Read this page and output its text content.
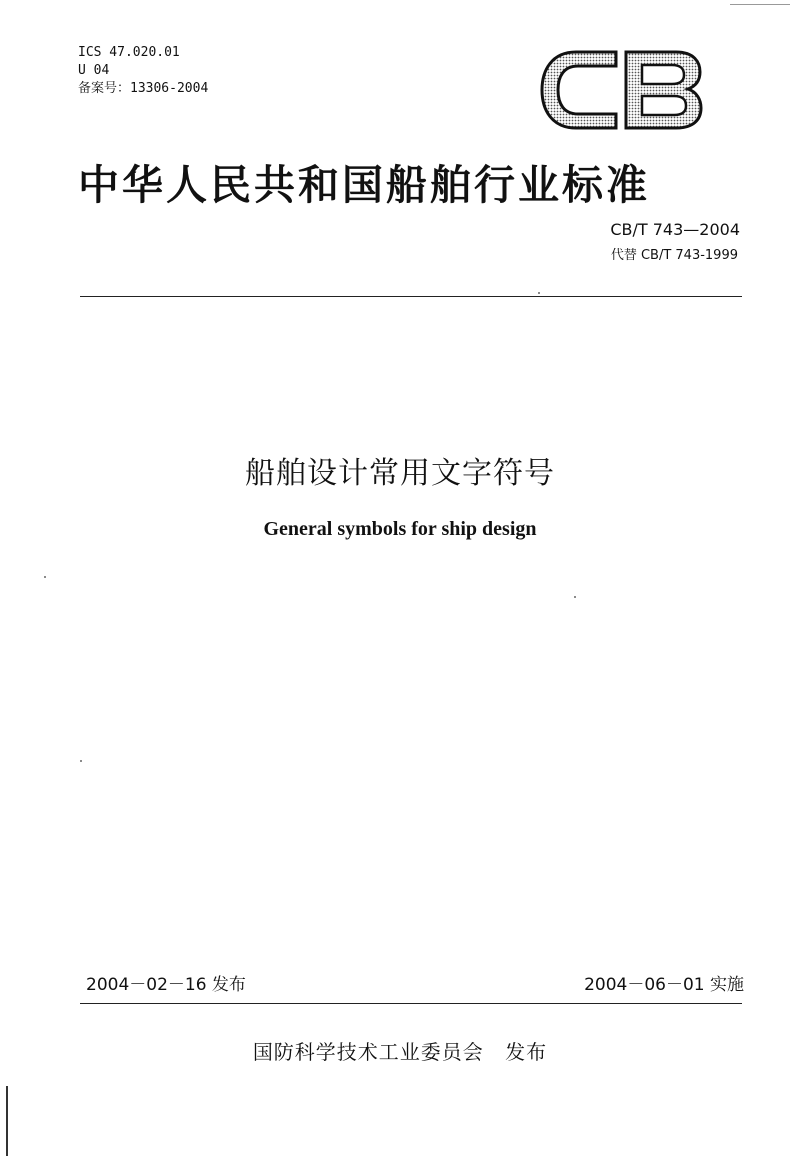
ICS 47.020.01
U 04
备案号：13306-2004
中华人民共和国船舶行业标准
CB/T 743—2004
代替 CB/T 743-1999
船舶设计常用文字符号
General symbols for ship design
2004－02－16 发布	2004－06－01 实施
国防科学技术工业委员会 发布
